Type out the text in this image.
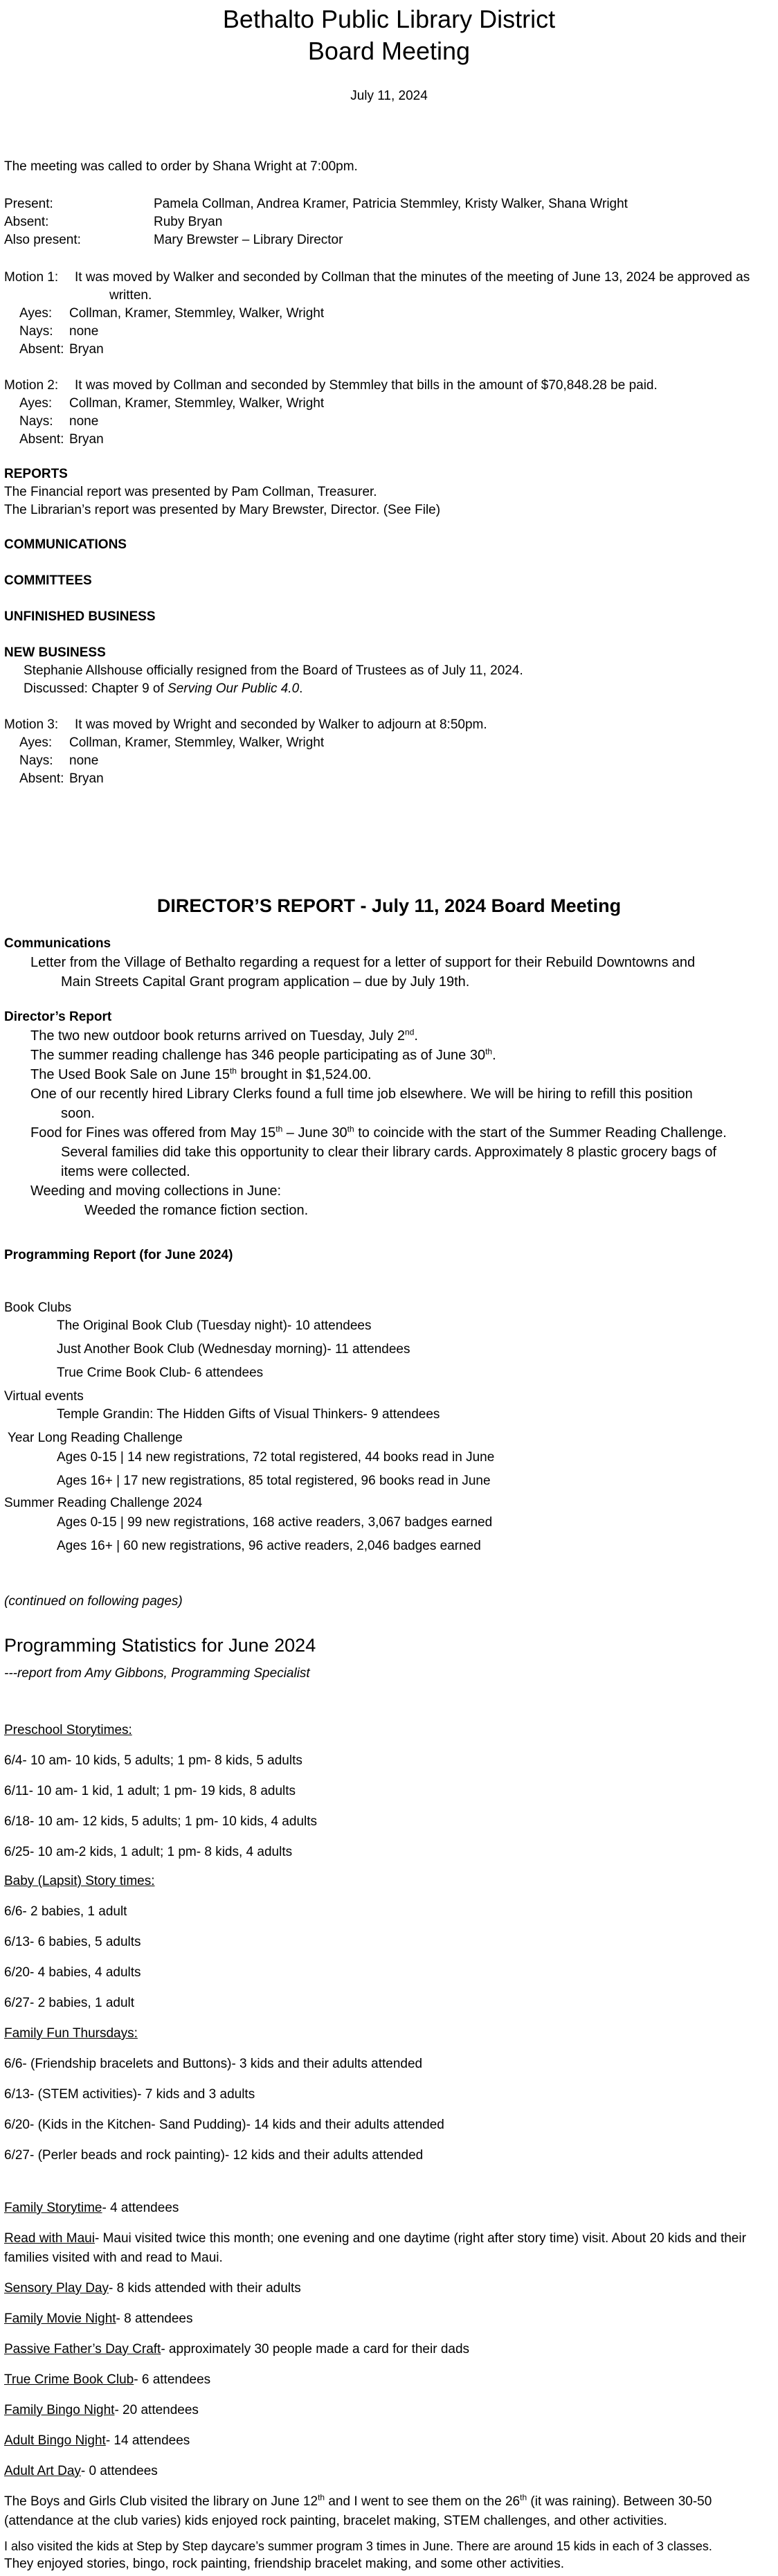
Bethalto Public Library District
Board Meeting
July 11, 2024
The meeting was called to order by Shana Wright at 7:00pm.
Present:	Pamela Collman, Andrea Kramer, Patricia Stemmley, Kristy Walker, Shana Wright
Absent:	Ruby Bryan
Also present:	Mary Brewster – Library Director
Motion 1: It was moved by Walker and seconded by Collman that the minutes of the meeting of June 13, 2024 be approved as
written.
Ayes: Collman, Kramer, Stemmley, Walker, Wright
Nays: none
Absent: Bryan
Motion 2: It was moved by Collman and seconded by Stemmley that bills in the amount of $70,848.28 be paid.
Ayes: Collman, Kramer, Stemmley, Walker, Wright
Nays: none
Absent: Bryan
REPORTS
The Financial report was presented by Pam Collman, Treasurer.
The Librarian’s report was presented by Mary Brewster, Director. (See File)
COMMUNICATIONS
COMMITTEES
UNFINISHED BUSINESS
NEW BUSINESS
Stephanie Allshouse officially resigned from the Board of Trustees as of July 11, 2024.
Discussed: Chapter 9 of Serving Our Public 4.0.
Motion 3: It was moved by Wright and seconded by Walker to adjourn at 8:50pm.
Ayes: Collman, Kramer, Stemmley, Walker, Wright
Nays: none
Absent: Bryan
DIRECTOR’S REPORT - July 11, 2024 Board Meeting
Communications
Letter from the Village of Bethalto regarding a request for a letter of support for their Rebuild Downtowns and
Main Streets Capital Grant program application – due by July 19th.
Director’s Report
The two new outdoor book returns arrived on Tuesday, July 2nd.
The summer reading challenge has 346 people participating as of June 30th.
The Used Book Sale on June 15th brought in $1,524.00.
One of our recently hired Library Clerks found a full time job elsewhere. We will be hiring to refill this position
soon.
Food for Fines was offered from May 15th – June 30th to coincide with the start of the Summer Reading Challenge.
Several families did take this opportunity to clear their library cards. Approximately 8 plastic grocery bags of
items were collected.
Weeding and moving collections in June:
Weeded the romance fiction section.
Programming Report (for June 2024)
Book Clubs
The Original Book Club (Tuesday night)- 10 attendees
Just Another Book Club (Wednesday morning)- 11 attendees
True Crime Book Club- 6 attendees
Virtual events
Temple Grandin: The Hidden Gifts of Visual Thinkers- 9 attendees
Year Long Reading Challenge
Ages 0-15 | 14 new registrations, 72 total registered, 44 books read in June
Ages 16+ | 17 new registrations, 85 total registered, 96 books read in June
Summer Reading Challenge 2024
Ages 0-15 | 99 new registrations, 168 active readers, 3,067 badges earned
Ages 16+ | 60 new registrations, 96 active readers, 2,046 badges earned
(continued on following pages)
Programming Statistics for June 2024
---report from Amy Gibbons, Programming Specialist
Preschool Storytimes:
6/4- 10 am- 10 kids, 5 adults; 1 pm- 8 kids, 5 adults
6/11- 10 am- 1 kid, 1 adult; 1 pm- 19 kids, 8 adults
6/18- 10 am- 12 kids, 5 adults; 1 pm- 10 kids, 4 adults
6/25- 10 am-2 kids, 1 adult; 1 pm- 8 kids, 4 adults
Baby (Lapsit) Story times:
6/6- 2 babies, 1 adult
6/13- 6 babies, 5 adults
6/20- 4 babies, 4 adults
6/27- 2 babies, 1 adult
Family Fun Thursdays:
6/6- (Friendship bracelets and Buttons)- 3 kids and their adults attended
6/13- (STEM activities)- 7 kids and 3 adults
6/20- (Kids in the Kitchen- Sand Pudding)- 14 kids and their adults attended
6/27- (Perler beads and rock painting)- 12 kids and their adults attended
Family Storytime- 4 attendees
Read with Maui- Maui visited twice this month; one evening and one daytime (right after story time) visit. About 20 kids and their
families visited with and read to Maui.
Sensory Play Day- 8 kids attended with their adults
Family Movie Night- 8 attendees
Passive Father’s Day Craft- approximately 30 people made a card for their dads
True Crime Book Club- 6 attendees
Family Bingo Night- 20 attendees
Adult Bingo Night- 14 attendees
Adult Art Day- 0 attendees
The Boys and Girls Club visited the library on June 12th and I went to see them on the 26th (it was raining). Between 30-50
(attendance at the club varies) kids enjoyed rock painting, bracelet making, STEM challenges, and other activities.
I also visited the kids at Step by Step daycare’s summer program 3 times in June. There are around 15 kids in each of 3 classes.
They enjoyed stories, bingo, rock painting, friendship bracelet making, and some other activities.
